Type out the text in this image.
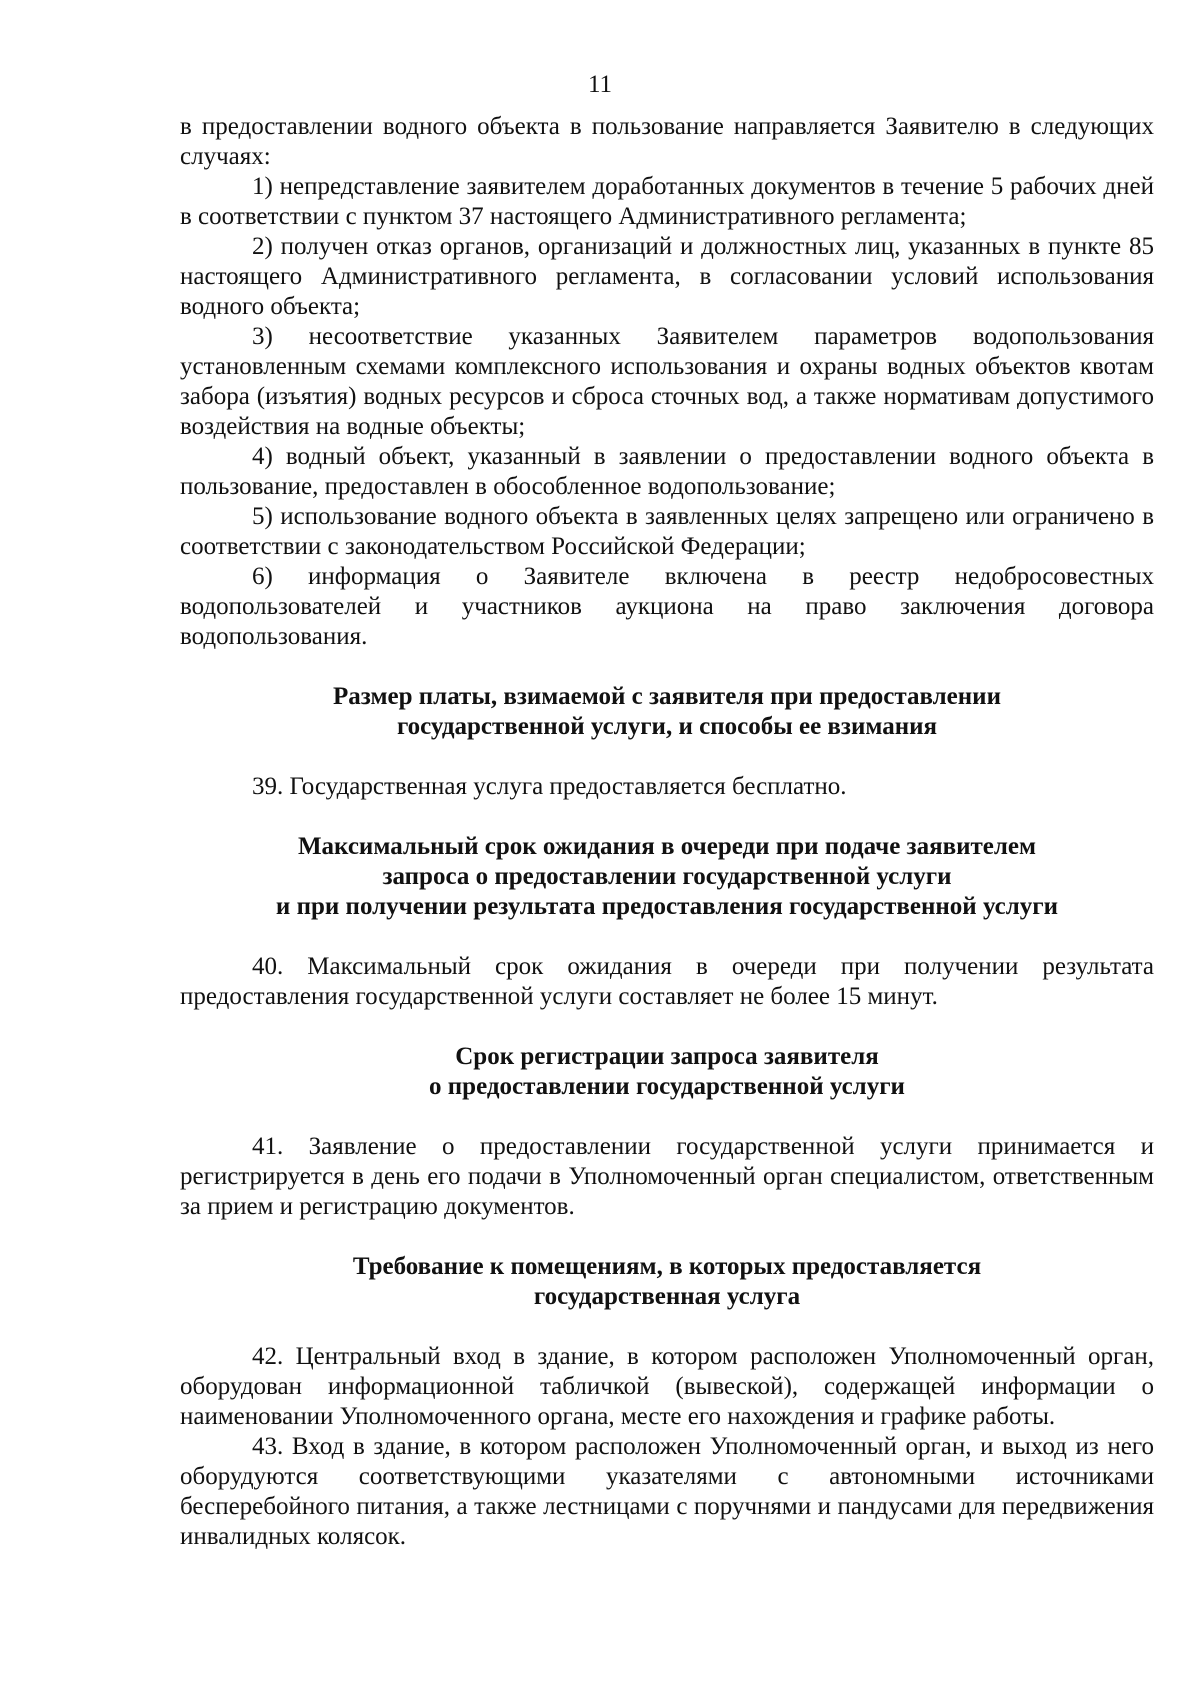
11

в предоставлении водного объекта в пользование направляется Заявителю в следующих случаях:

1) непредставление заявителем доработанных документов в течение 5 рабочих дней в соответствии с пунктом 37 настоящего Административного регламента;

2) получен отказ органов, организаций и должностных лиц, указанных в пункте 85 настоящего Административного регламента, в согласовании условий использования водного объекта;

3) несоответствие указанных Заявителем параметров водопользования установленным схемами комплексного использования и охраны водных объектов квотам забора (изъятия) водных ресурсов и сброса сточных вод, а также нормативам допустимого воздействия на водные объекты;

4) водный объект, указанный в заявлении о предоставлении водного объекта в пользование, предоставлен в обособленное водопользование;

5) использование водного объекта в заявленных целях запрещено или ограничено в соответствии с законодательством Российской Федерации;

6) информация о Заявителе включена в реестр недобросовестных водопользователей и участников аукциона на право заключения договора водопользования.

Размер платы, взимаемой с заявителя при предоставлении
государственной услуги, и способы ее взимания

39. Государственная услуга предоставляется бесплатно.

Максимальный срок ожидания в очереди при подаче заявителем
запроса о предоставлении государственной услуги
и при получении результата предоставления государственной услуги

40. Максимальный срок ожидания в очереди при получении результата предоставления государственной услуги составляет не более 15 минут.

Срок регистрации запроса заявителя
о предоставлении государственной услуги

41. Заявление о предоставлении государственной услуги принимается и регистрируется в день его подачи в Уполномоченный орган специалистом, ответственным за прием и регистрацию документов.

Требование к помещениям, в которых предоставляется
государственная услуга

42. Центральный вход в здание, в котором расположен Уполномоченный орган, оборудован информационной табличкой (вывеской), содержащей информации о наименовании Уполномоченного органа, месте его нахождения и графике работы.

43. Вход в здание, в котором расположен Уполномоченный орган, и выход из него оборудуются соответствующими указателями с автономными источниками бесперебойного питания, а также лестницами с поручнями и пандусами для передвижения инвалидных колясок.
